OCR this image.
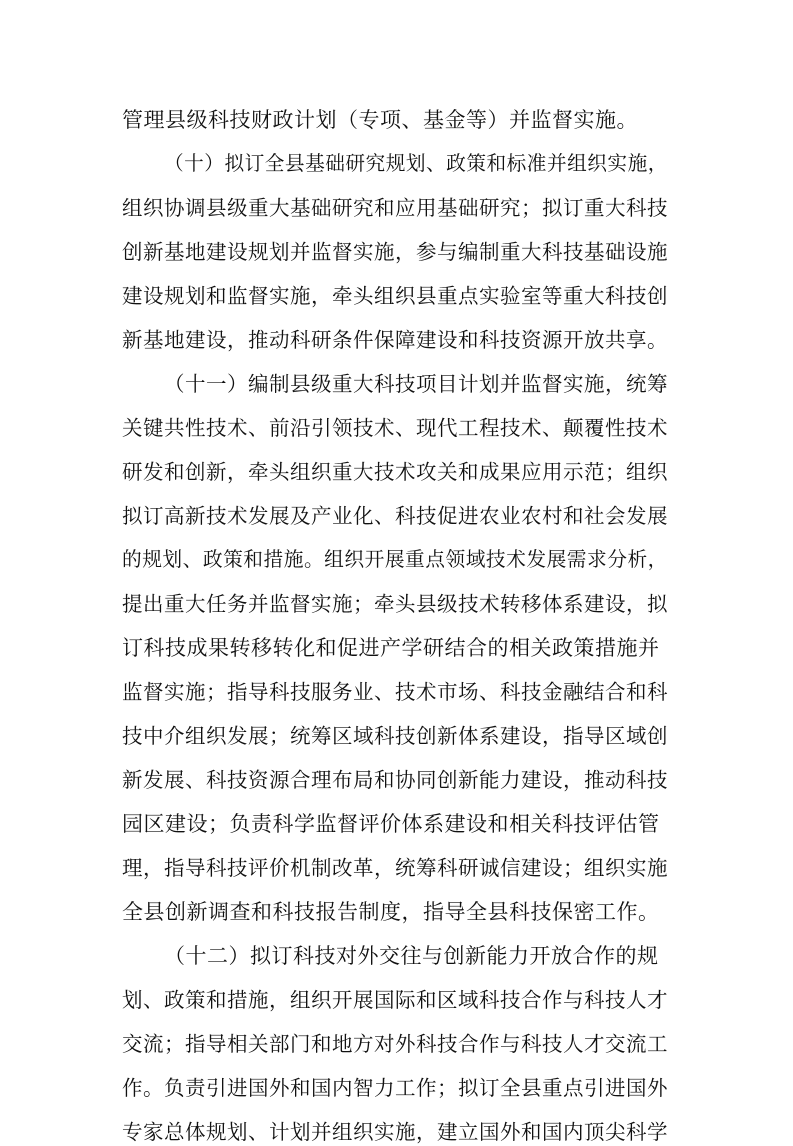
管理县级科技财政计划（专项、基金等）并监督实施。
（十）拟订全县基础研究规划、政策和标准并组织实施，
组织协调县级重大基础研究和应用基础研究；拟订重大科技
创新基地建设规划并监督实施，参与编制重大科技基础设施
建设规划和监督实施，牵头组织县重点实验室等重大科技创
新基地建设，推动科研条件保障建设和科技资源开放共享。
（十一）编制县级重大科技项目计划并监督实施，统筹
关键共性技术、前沿引领技术、现代工程技术、颠覆性技术
研发和创新，牵头组织重大技术攻关和成果应用示范；组织
拟订高新技术发展及产业化、科技促进农业农村和社会发展
的规划、政策和措施。组织开展重点领域技术发展需求分析，
提出重大任务并监督实施；牵头县级技术转移体系建设，拟
订科技成果转移转化和促进产学研结合的相关政策措施并
监督实施；指导科技服务业、技术市场、科技金融结合和科
技中介组织发展；统筹区域科技创新体系建设，指导区域创
新发展、科技资源合理布局和协同创新能力建设，推动科技
园区建设；负责科学监督评价体系建设和相关科技评估管
理，指导科技评价机制改革，统筹科研诚信建设；组织实施
全县创新调查和科技报告制度，指导全县科技保密工作。
（十二）拟订科技对外交往与创新能力开放合作的规
划、政策和措施，组织开展国际和区域科技合作与科技人才
交流；指导相关部门和地方对外科技合作与科技人才交流工
作。负责引进国外和国内智力工作；拟订全县重点引进国外
专家总体规划、计划并组织实施，建立国外和国内顶尖科学
